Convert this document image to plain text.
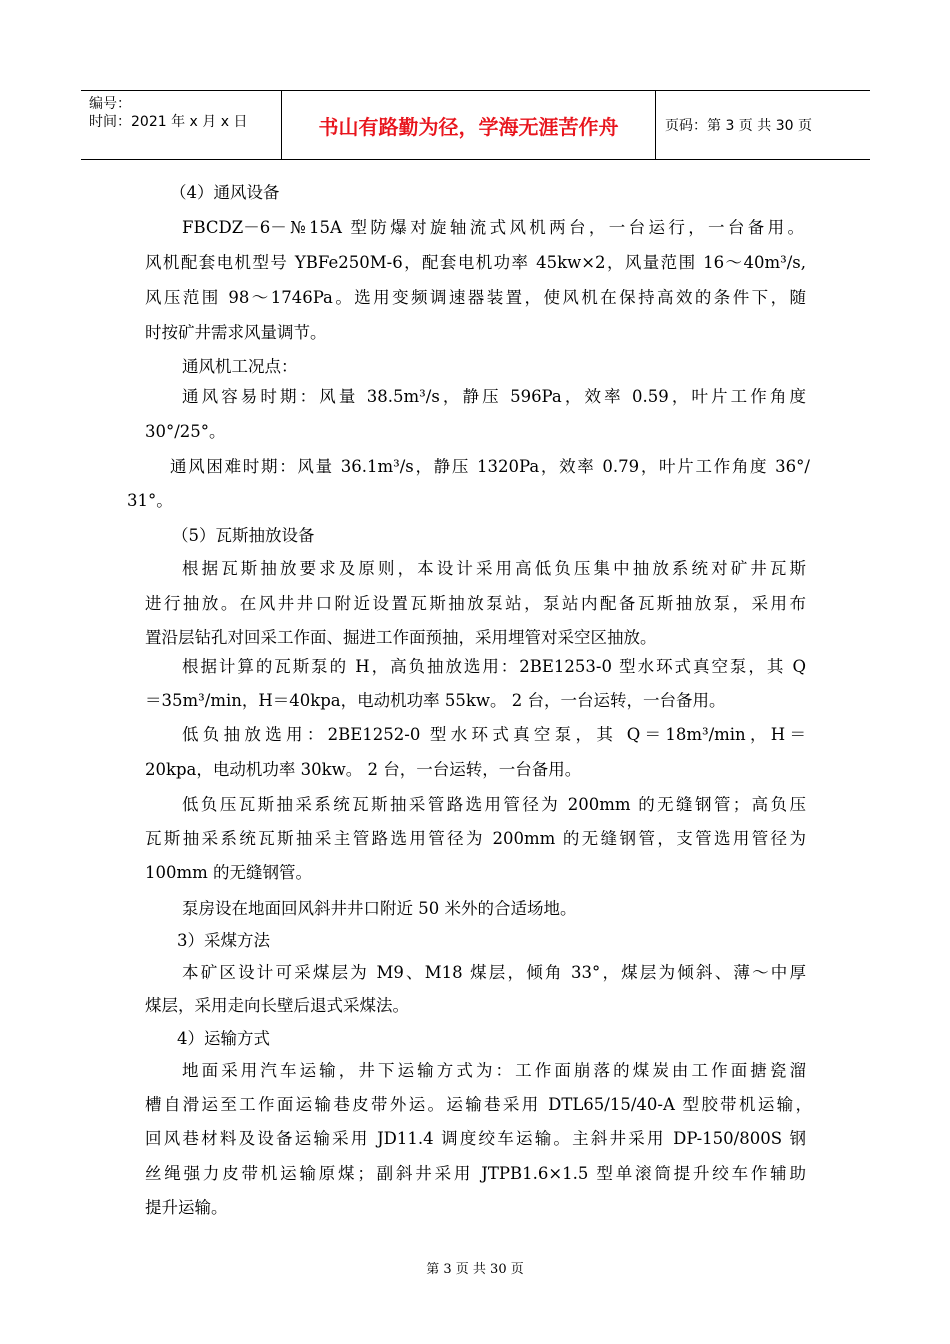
编号：
时间：2021 年 x 月 x 日	书山有路勤为径，学海无涯苦作舟	页码：第 3 页 共 30 页
（4）通风设备
FBCDZ－6－№15A 型防爆对旋轴流式风机两台，一台运行，一台备用。
风机配套电机型号 YBFe250M-6，配套电机功率 45kw×2，风量范围 16～40m³/s,
风压范围 98～1746Pa。选用变频调速器装置，使风机在保持高效的条件下，随
时按矿井需求风量调节。
通风机工况点：
通风容易时期：风量 38.5m³/s，静压 596Pa，效率 0.59，叶片工作角度
30°/25°。
通风困难时期：风量 36.1m³/s，静压 1320Pa，效率 0.79，叶片工作角度 36°/
31°。
（5）瓦斯抽放设备
根据瓦斯抽放要求及原则，本设计采用高低负压集中抽放系统对矿井瓦斯
进行抽放。在风井井口附近设置瓦斯抽放泵站，泵站内配备瓦斯抽放泵，采用布
置沿层钻孔对回采工作面、掘进工作面预抽，采用埋管对采空区抽放。
根据计算的瓦斯泵的 H，高负抽放选用：2BE1253-0 型水环式真空泵，其 Q
＝35m³/min，H＝40kpa，电动机功率 55kw。 2 台，一台运转，一台备用。
低负抽放选用：2BE1252-0 型水环式真空泵，其 Q＝18m³/min，H＝
20kpa，电动机功率 30kw。 2 台，一台运转，一台备用。
低负压瓦斯抽采系统瓦斯抽采管路选用管径为 200mm 的无缝钢管；高负压
瓦斯抽采系统瓦斯抽采主管路选用管径为 200mm 的无缝钢管，支管选用管径为
100mm 的无缝钢管。
泵房设在地面回风斜井井口附近 50 米外的合适场地。
3）采煤方法
本矿区设计可采煤层为 M9、M18 煤层，倾角 33°，煤层为倾斜、薄～中厚
煤层，采用走向长壁后退式采煤法。
4）运输方式
地面采用汽车运输，井下运输方式为：工作面崩落的煤炭由工作面搪瓷溜
槽自滑运至工作面运输巷皮带外运。运输巷采用 DTL65/15/40-A 型胶带机运输，
回风巷材料及设备运输采用 JD11.4 调度绞车运输。主斜井采用 DP-150/800S 钢
丝绳强力皮带机运输原煤；副斜井采用 JTPB1.6×1.5 型单滚筒提升绞车作辅助
提升运输。
第 3 页 共 30 页
